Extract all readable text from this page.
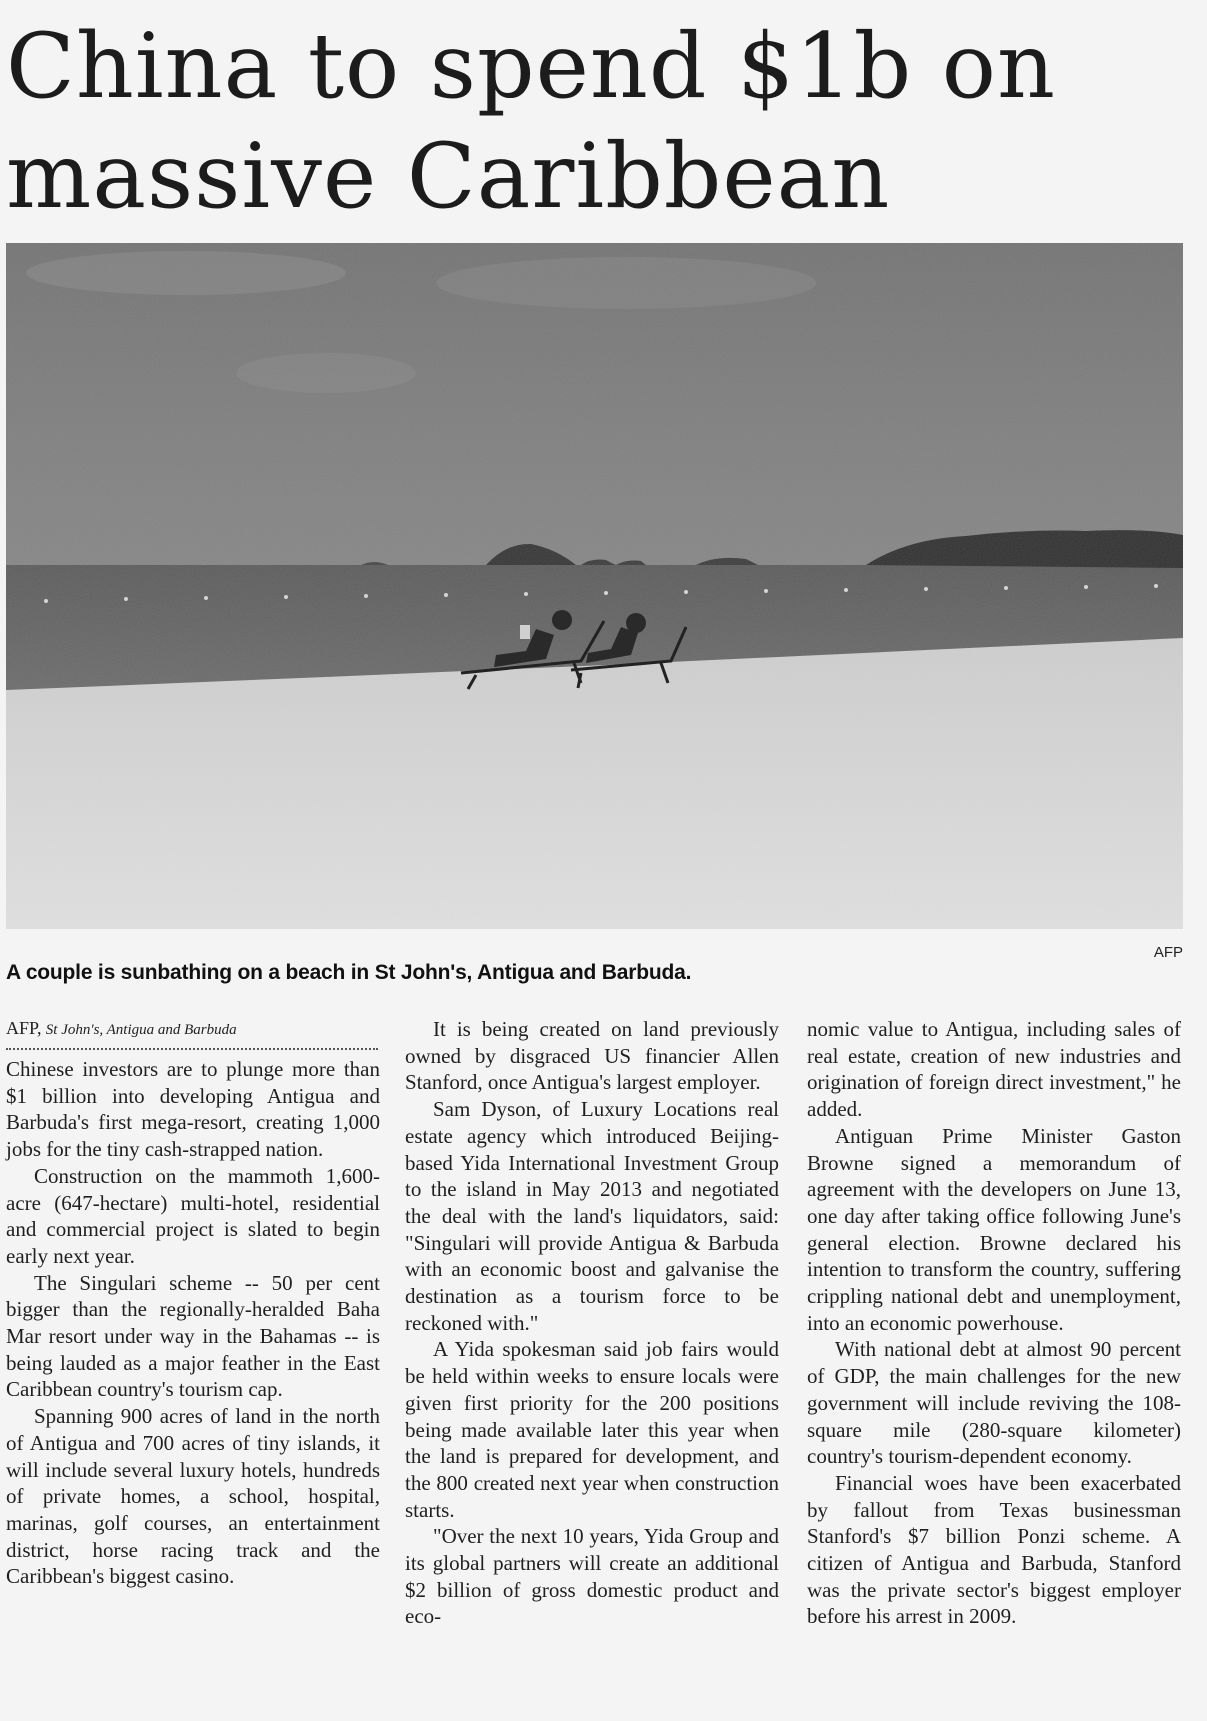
China to spend $1b on
massive Caribbean
AFP

A couple is sunbathing on a beach in St John's, Antigua and Barbuda.

AFP, St John's, Antigua and Barbuda

Chinese investors are to plunge more than $1 billion into developing Antigua and Barbuda's first mega-resort, creating 1,000 jobs for the tiny cash-strapped nation.

Construction on the mammoth 1,600-acre (647-hectare) multi-hotel, residential and commercial project is slated to begin early next year.

The Singulari scheme -- 50 per cent bigger than the regionally-heralded Baha Mar resort under way in the Bahamas -- is being lauded as a major feather in the East Caribbean country's tourism cap.

Spanning 900 acres of land in the north of Antigua and 700 acres of tiny islands, it will include several luxury hotels, hundreds of private homes, a school, hospital, marinas, golf courses, an entertainment district, horse racing track and the Caribbean's biggest casino.

It is being created on land previously owned by disgraced US financier Allen Stanford, once Antigua's largest employer.

Sam Dyson, of Luxury Locations real estate agency which introduced Beijing-based Yida International Investment Group to the island in May 2013 and negotiated the deal with the land's liquidators, said: "Singulari will provide Antigua & Barbuda with an economic boost and galvanise the destination as a tourism force to be reckoned with."

A Yida spokesman said job fairs would be held within weeks to ensure locals were given first priority for the 200 positions being made available later this year when the land is prepared for development, and the 800 created next year when construction starts.

"Over the next 10 years, Yida Group and its global partners will create an additional $2 billion of gross domestic product and eco-

nomic value to Antigua, including sales of real estate, creation of new industries and origination of foreign direct investment," he added.

Antiguan Prime Minister Gaston Browne signed a memorandum of agreement with the developers on June 13, one day after taking office following June's general election. Browne declared his intention to transform the country, suffering crippling national debt and unemployment, into an economic powerhouse.

With national debt at almost 90 percent of GDP, the main challenges for the new government will include reviving the 108-square mile (280-square kilometer) country's tourism-dependent economy.

Financial woes have been exacerbated by fallout from Texas businessman Stanford's $7 billion Ponzi scheme. A citizen of Antigua and Barbuda, Stanford was the private sector's biggest employer before his arrest in 2009.
